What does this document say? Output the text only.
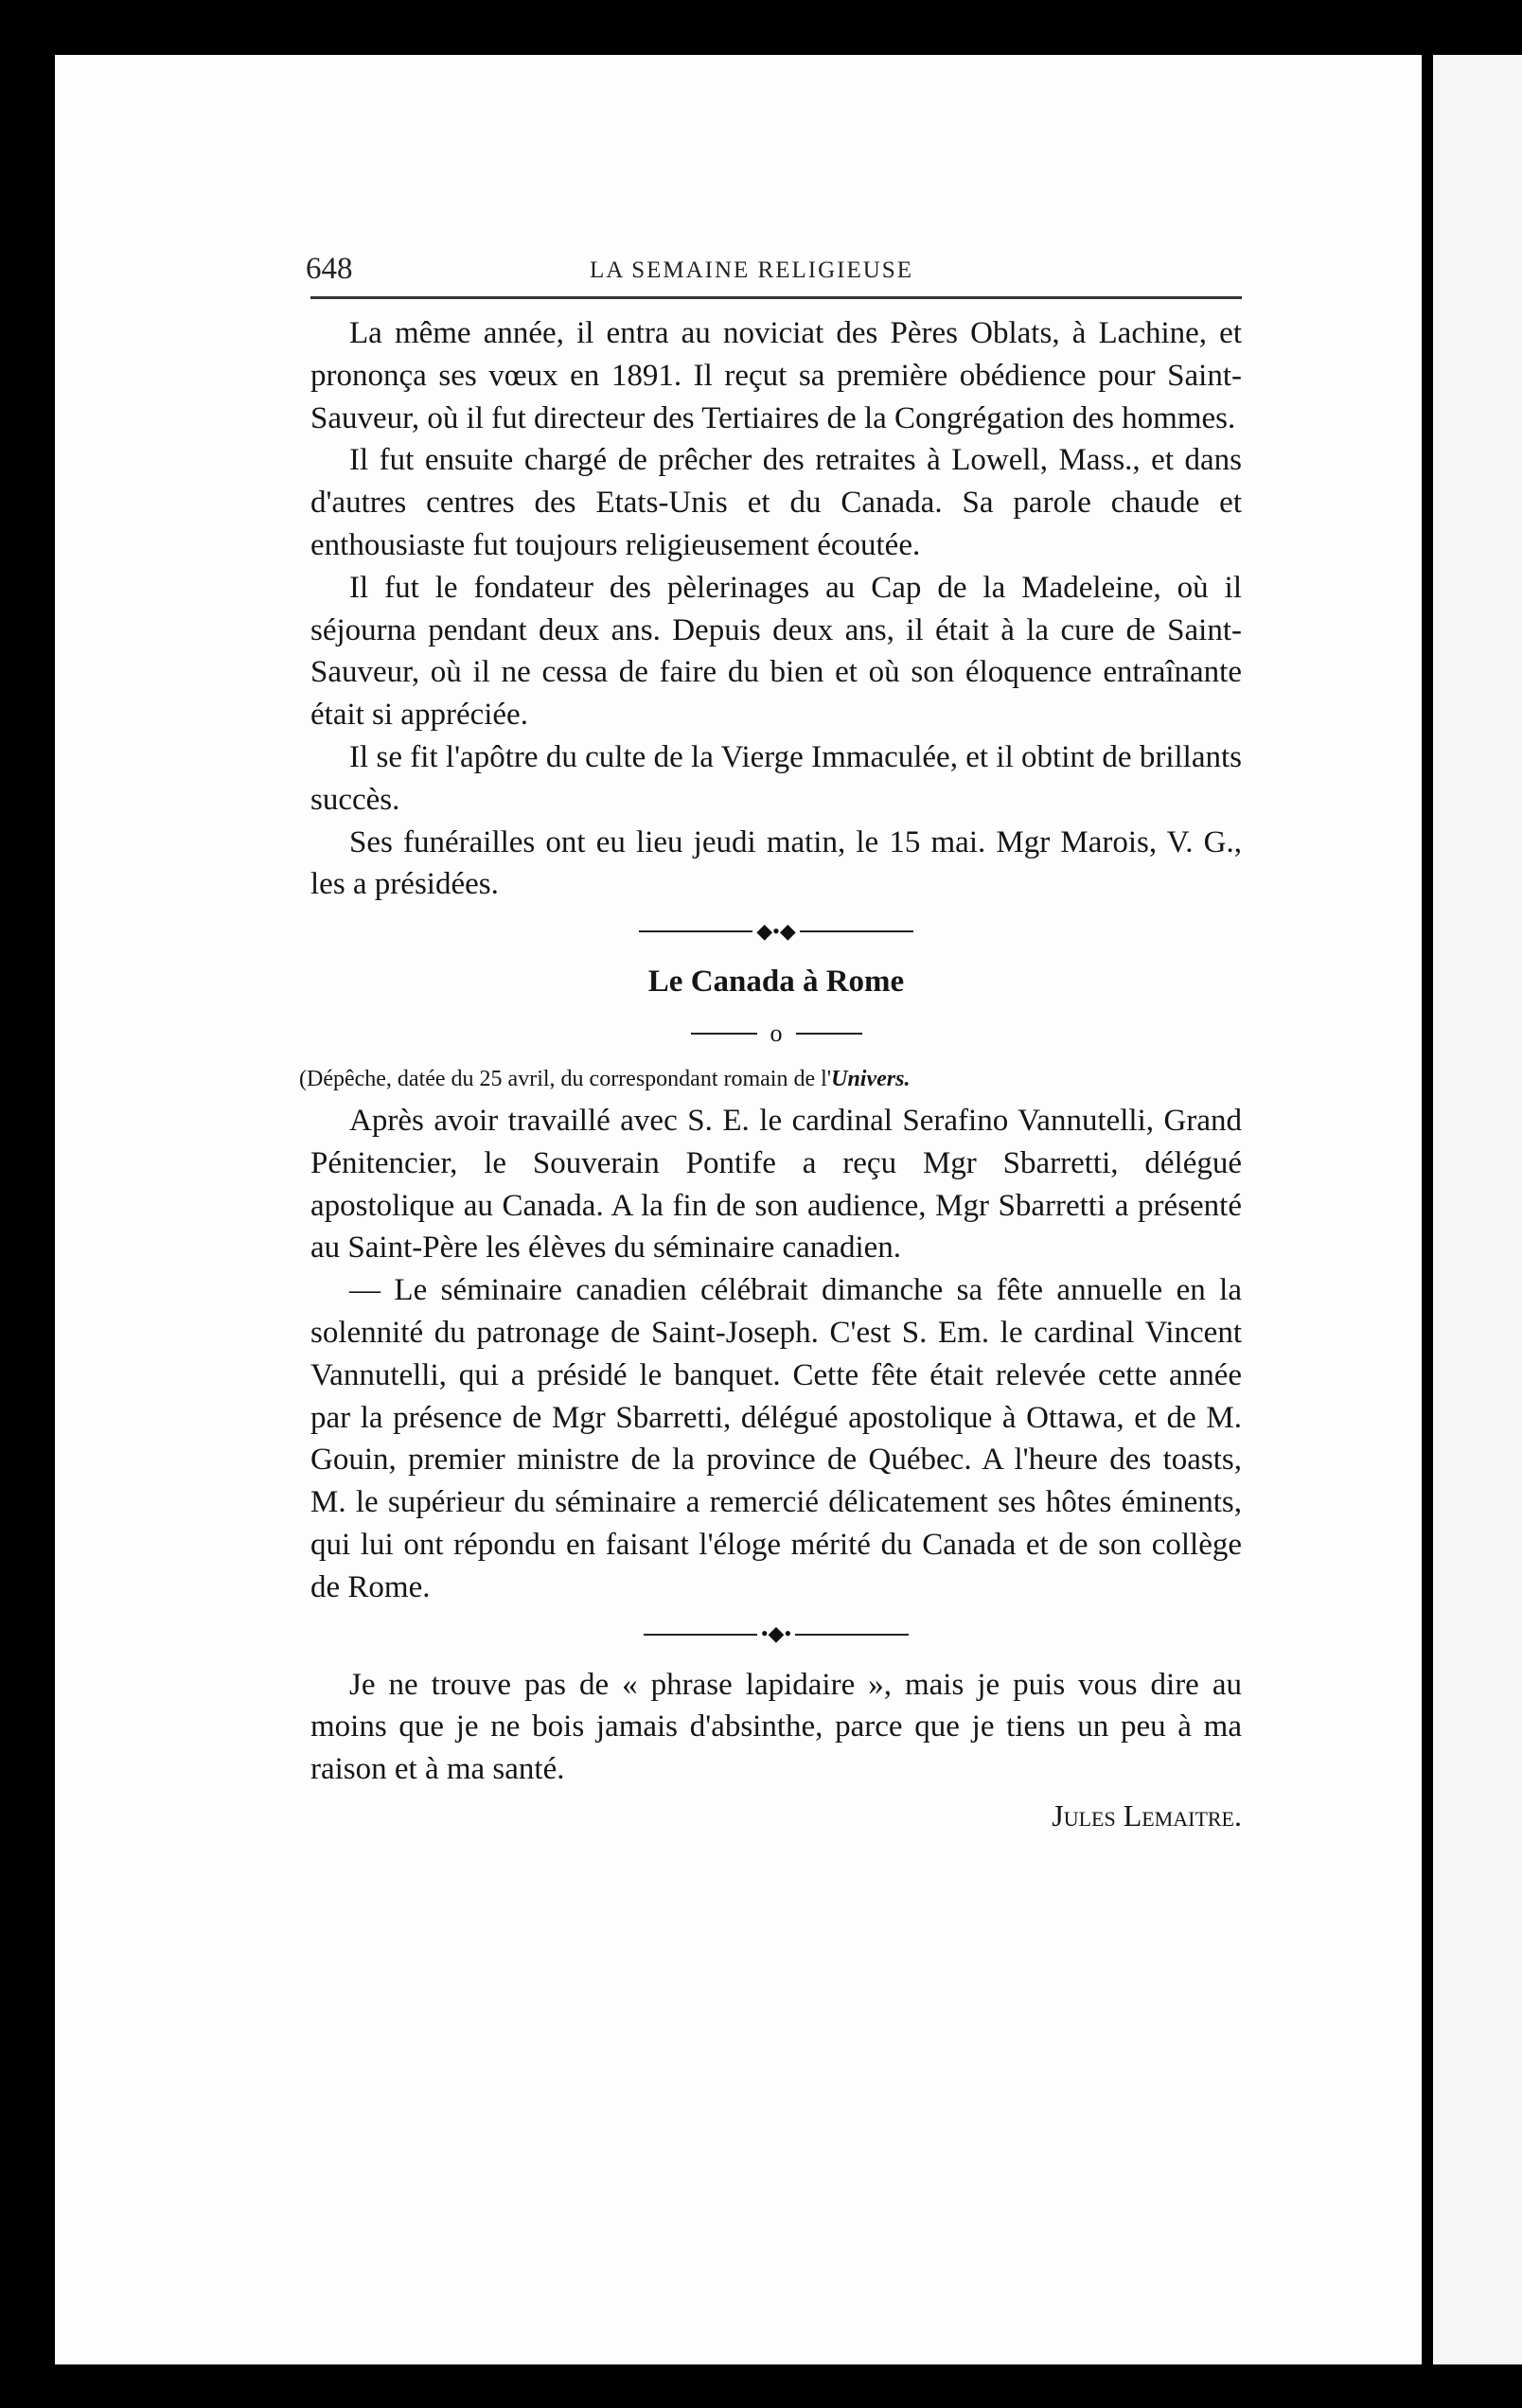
648	LA SEMAINE RELIGIEUSE

La même année, il entra au noviciat des Pères Oblats, à Lachine, et prononça ses vœux en 1891. Il reçut sa première obédience pour Saint-Sauveur, où il fut directeur des Tertiaires de la Congrégation des hommes.

Il fut ensuite chargé de prêcher des retraites à Lowell, Mass., et dans d'autres centres des Etats-Unis et du Canada. Sa parole chaude et enthousiaste fut toujours religieusement écoutée.

Il fut le fondateur des pèlerinages au Cap de la Madeleine, où il séjourna pendant deux ans. Depuis deux ans, il était à la cure de Saint-Sauveur, où il ne cessa de faire du bien et où son éloquence entraînante était si appréciée.

Il se fit l'apôtre du culte de la Vierge Immaculée, et il obtint de brillants succès.

Ses funérailles ont eu lieu jeudi matin, le 15 mai. Mgr Marois, V. G., les a présidées.

◆•◆
Le Canada à Rome
o
(Dépêche, datée du 25 avril, du correspondant romain de l'Univers.

Après avoir travaillé avec S. E. le cardinal Serafino Vannutelli, Grand Pénitencier, le Souverain Pontife a reçu Mgr Sbarretti, délégué apostolique au Canada. A la fin de son audience, Mgr Sbarretti a présenté au Saint-Père les élèves du séminaire canadien.

— Le séminaire canadien célébrait dimanche sa fête annuelle en la solennité du patronage de Saint-Joseph. C'est S. Em. le cardinal Vincent Vannutelli, qui a présidé le banquet. Cette fête était relevée cette année par la présence de Mgr Sbarretti, délégué apostolique à Ottawa, et de M. Gouin, premier ministre de la province de Québec. A l'heure des toasts, M. le supérieur du séminaire a remercié délicatement ses hôtes éminents, qui lui ont répondu en faisant l'éloge mérité du Canada et de son collège de Rome.

•◆•

Je ne trouve pas de « phrase lapidaire », mais je puis vous dire au moins que je ne bois jamais d'absinthe, parce que je tiens un peu à ma raison et à ma santé.

Jules Lemaitre.
